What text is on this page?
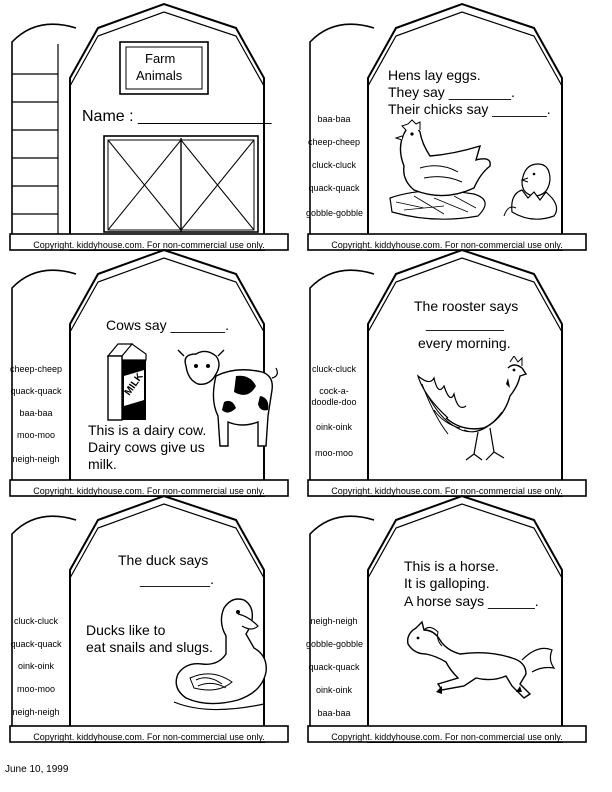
Farm
Animals
Name : _______________
Copyright. kiddyhouse.com. For non-commercial use only.
Hens lay eggs.
They say ________.
Their chicks say _______.
baa-baa
cheep-cheep
cluck-cluck
quack-quack
gobble-gobble
Copyright. kiddyhouse.com. For non-commercial use only.
Cows say _______.
cheep-cheep
quack-quack
baa-baa
moo-moo
neigh-neigh
MILK
This is a dairy cow.
Dairy cows give us
milk.
Copyright. kiddyhouse.com. For non-commercial use only.
The rooster says
__________
every morning.
cluck-cluck
cock-a-
doodle-doo
oink-oink
moo-moo
Copyright. kiddyhouse.com. For non-commercial use only.
The duck says
_________.
cluck-cluck
quack-quack
oink-oink
moo-moo
neigh-neigh
Ducks like to
eat snails and slugs.
Copyright. kiddyhouse.com. For non-commercial use only.
This is a horse.
It is galloping.
A horse says ______.
neigh-neigh
gobble-gobble
quack-quack
oink-oink
baa-baa
Copyright. kiddyhouse.com. For non-commercial use only.
June 10, 1999
